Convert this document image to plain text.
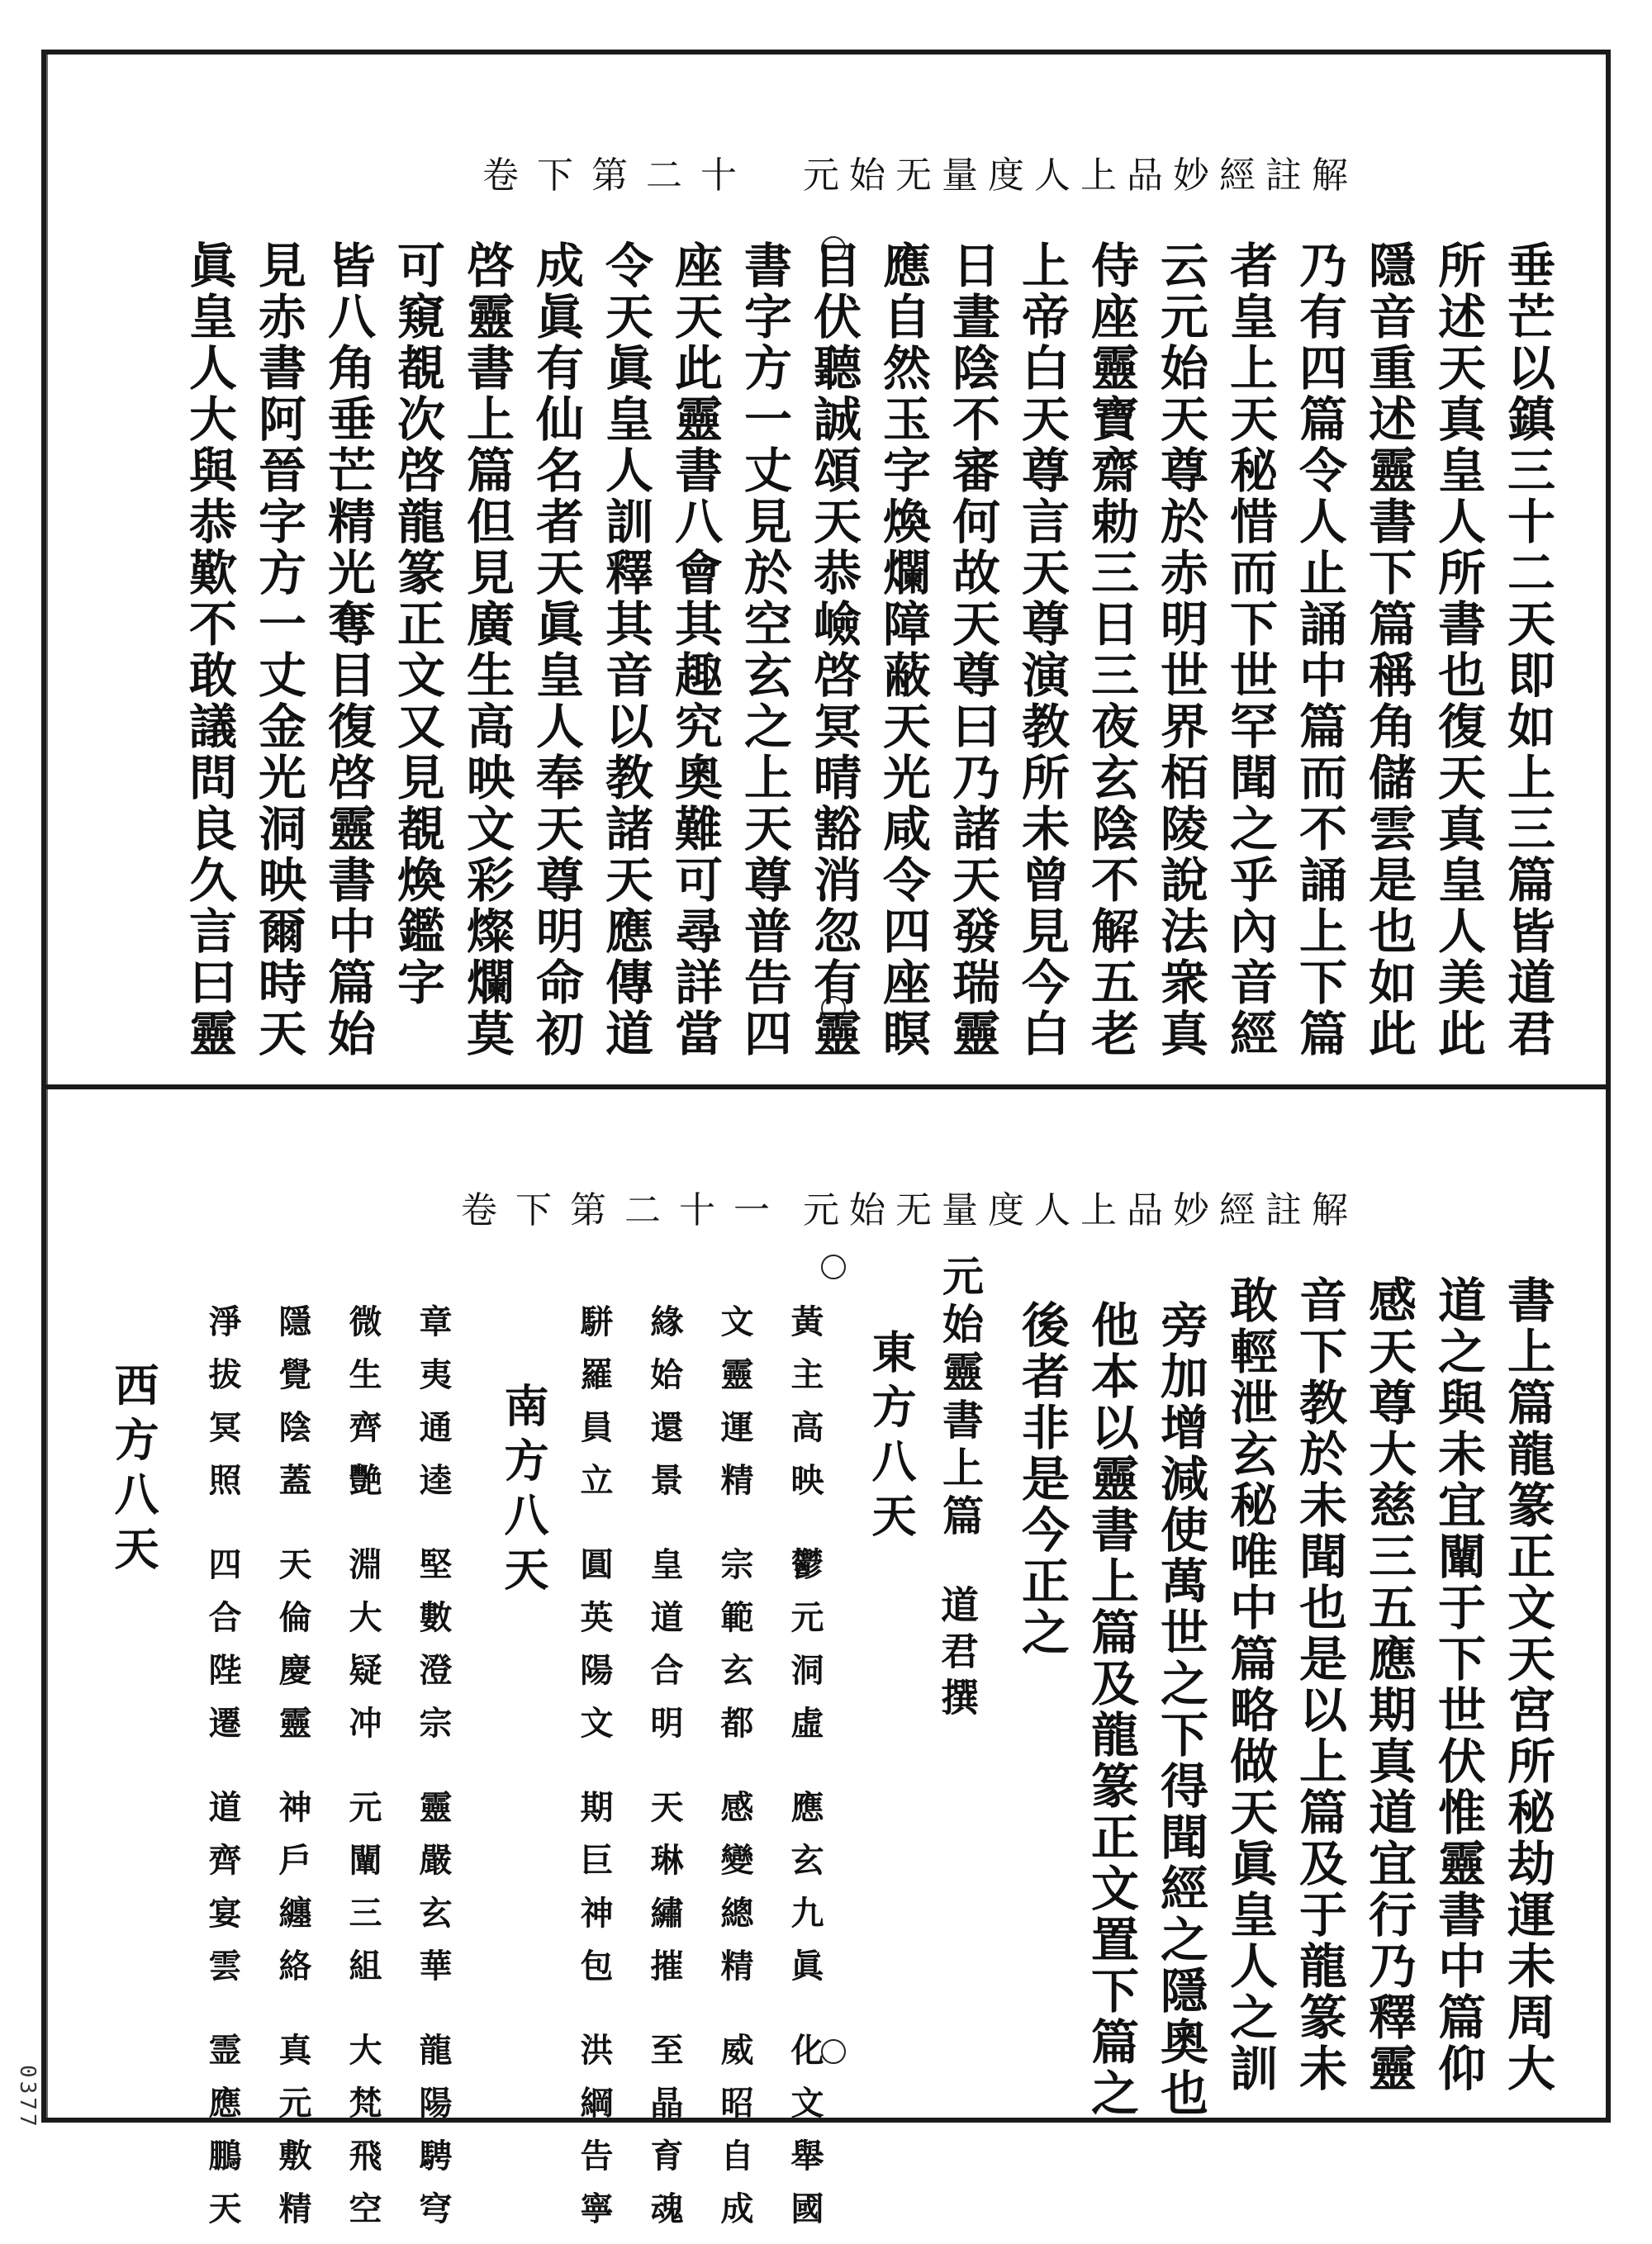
元始无量度人上品妙經註解
卷下第二十
垂芒以鎮三十二天即如上三篇皆道君
所述天真皇人所書也復天真皇人美此
隱音重述靈書下篇稱角儲雲是也如此
乃有四篇令人止誦中篇而不誦上下篇
者皇上天秘惜而下世罕聞之乎內音經
云元始天尊於赤明世界栢陵說法衆真
侍座靈寶齋勅三日三夜玄陰不解五老
上帝白天尊言天尊演教所未曾見今白
日晝陰不審何故天尊曰乃諸天發瑞靈
應自然玉字煥爛障蔽天光咸令四座瞑
目伏聽誠頌天恭嶮啓冥晴豁消忽有靈
書字方一丈見於空玄之上天尊普告四
座天此靈書八會其趣究奧難可尋詳當
令天眞皇人訓釋其音以教諸天應傳道
成眞有仙名者天眞皇人奉天尊明命初
啓靈書上篇但見廣生高映文彩燦爛莫
可窺覩次啓龍篆正文又見覩煥鑑字
皆八角垂芒精光奪目復啓靈書中篇始
見赤書阿晉字方一丈金光洞映爾時天
眞皇人大與恭歎不敢議問良久言曰靈
元始无量度人上品妙經註解
卷下第二十一
書上篇龍篆正文天宮所秘劫運未周大
道之與未宜闡于下世伏惟靈書中篇仰
感天尊大慈三五應期真道宜行乃釋靈
音下教於未聞也是以上篇及于龍篆未
敢輕泄玄秘唯中篇略做天眞皇人之訓
旁加增減使萬世之下得聞經之隱奧也
他本以靈書上篇及龍篆正文置下篇之
後者非是今正之
元始靈書上篇
道君撰
東方八天
南方八天
西方八天	黃主高映 鬱元洞虛 應玄九眞 化文舉國
文靈運精 宗範玄都 感變總精 威昭自成
緣姶還景 皇道合明 天琳繡摧 至晶育魂
駢羅員立 圓英陽文 期巨神包 洪綱告寧
章夷通逵 堅數澄宗 靈嚴玄華 龍陽騁穹
微生齊艷 淵大疑冲 元闡三組 大梵飛空
隱覺陰蓋 天倫慶靈 神戶纏絡 真元敷精
淨拔冥照 四合陛遷 道齊宴雲 霊應鵬天
0377
